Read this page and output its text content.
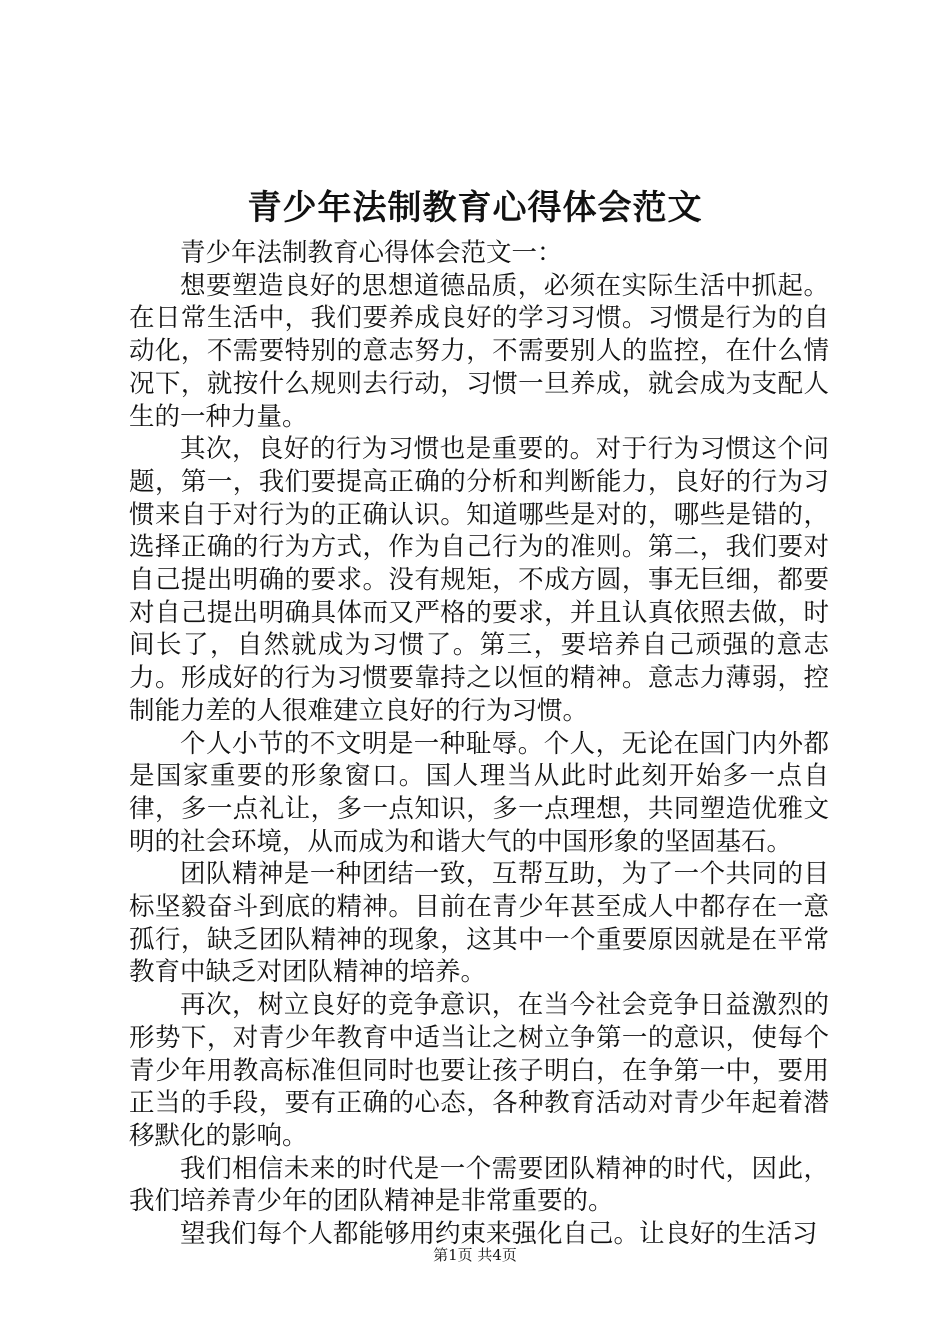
青少年法制教育心得体会范文

青少年法制教育心得体会范文一：

想要塑造良好的思想道德品质，必须在实际生活中抓起。在日常生活中，我们要养成良好的学习习惯。习惯是行为的自动化，不需要特别的意志努力，不需要别人的监控，在什么情况下，就按什么规则去行动，习惯一旦养成，就会成为支配人生的一种力量。

其次，良好的行为习惯也是重要的。对于行为习惯这个问题，第一，我们要提高正确的分析和判断能力，良好的行为习惯来自于对行为的正确认识。知道哪些是对的，哪些是错的，选择正确的行为方式，作为自己行为的准则。第二，我们要对自己提出明确的要求。没有规矩，不成方圆，事无巨细，都要对自己提出明确具体而又严格的要求，并且认真依照去做，时间长了，自然就成为习惯了。第三，要培养自己顽强的意志力。形成好的行为习惯要靠持之以恒的精神。意志力薄弱，控制能力差的人很难建立良好的行为习惯。

个人小节的不文明是一种耻辱。个人，无论在国门内外都是国家重要的形象窗口。国人理当从此时此刻开始多一点自律，多一点礼让，多一点知识，多一点理想，共同塑造优雅文明的社会环境，从而成为和谐大气的中国形象的坚固基石。

团队精神是一种团结一致，互帮互助，为了一个共同的目标坚毅奋斗到底的精神。目前在青少年甚至成人中都存在一意孤行，缺乏团队精神的现象，这其中一个重要原因就是在平常教育中缺乏对团队精神的培养。

再次，树立良好的竞争意识，在当今社会竞争日益激烈的形势下，对青少年教育中适当让之树立争第一的意识，使每个青少年用教高标准但同时也要让孩子明白，在争第一中，要用正当的手段，要有正确的心态，各种教育活动对青少年起着潜移默化的影响。

我们相信未来的时代是一个需要团队精神的时代，因此，我们培养青少年的团队精神是非常重要的。

望我们每个人都能够用约束来强化自己。让良好的生活习

第1页 共4页
